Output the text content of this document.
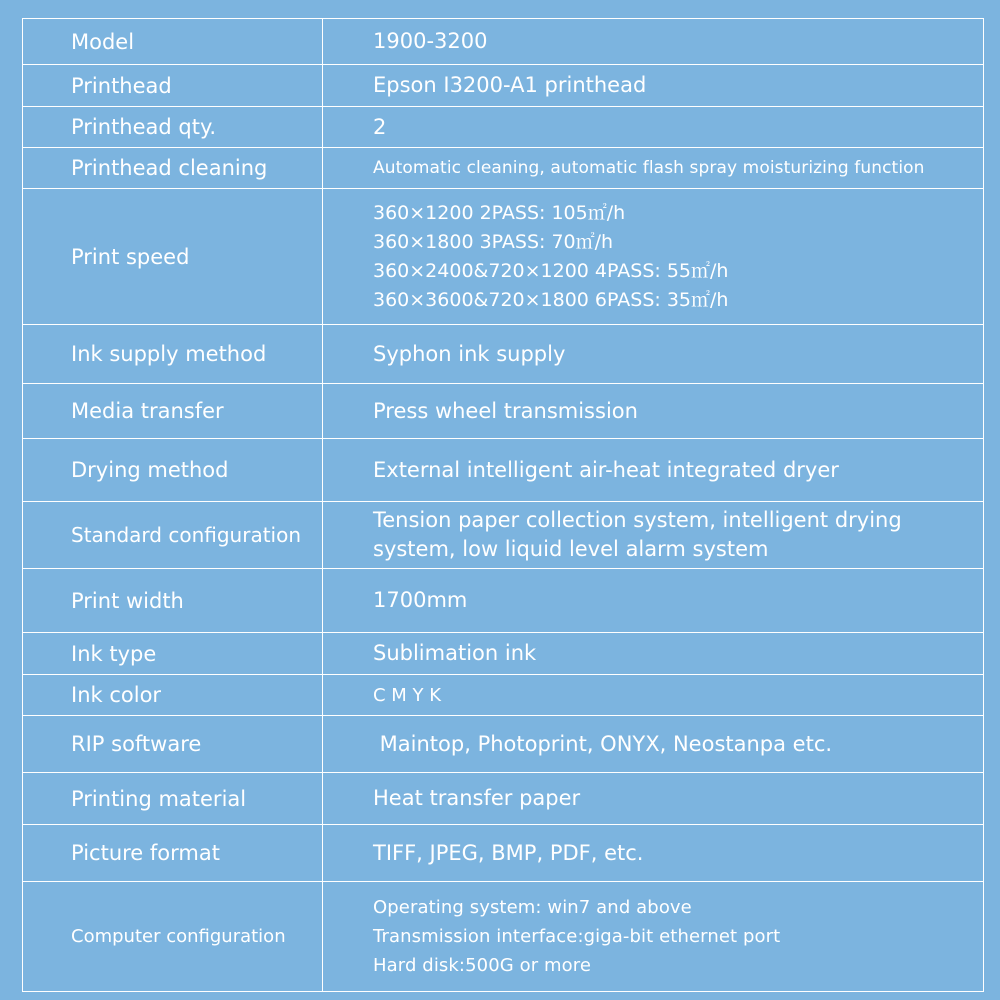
Model	1900-3200

Printhead	Epson I3200-A1 printhead

Printhead qty.	2

Printhead cleaning	Automatic cleaning, automatic flash spray moisturizing function

Print speed	360×1200 2PASS: 105㎡/h
360×1800 3PASS: 70㎡/h
360×2400&720×1200 4PASS: 55㎡/h
360×3600&720×1800 6PASS: 35㎡/h

Ink supply method	Syphon ink supply

Media transfer	Press wheel transmission

Drying method	External intelligent air-heat integrated dryer

Standard configuration	Tension paper collection system, intelligent drying system, low liquid level alarm system

Print width	1700mm

Ink type	Sublimation ink

Ink color	C M Y K

RIP software	Maintop, Photoprint, ONYX, Neostanpa etc.

Printing material	Heat transfer paper

Picture format	TIFF, JPEG, BMP, PDF, etc.

Computer configuration	Operating system: win7 and above
Transmission interface:giga-bit ethernet port
Hard disk:500G or more
